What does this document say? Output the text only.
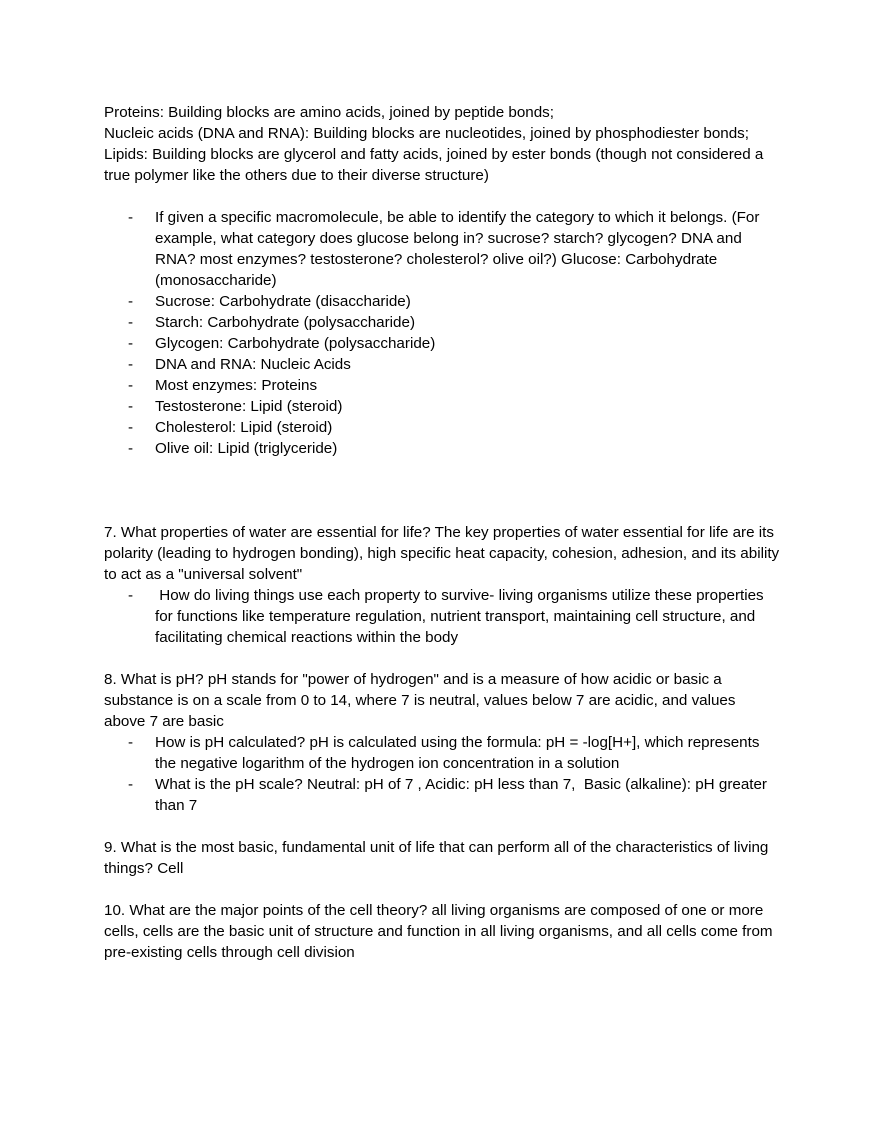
Proteins: Building blocks are amino acids, joined by peptide bonds;

Nucleic acids (DNA and RNA): Building blocks are nucleotides, joined by phosphodiester bonds;

Lipids: Building blocks are glycerol and fatty acids, joined by ester bonds (though not considered a true polymer like the others due to their diverse structure)

- If given a specific macromolecule, be able to identify the category to which it belongs. (For example, what category does glucose belong in? sucrose? starch? glycogen? DNA and RNA? most enzymes? testosterone? cholesterol? olive oil?) Glucose: Carbohydrate (monosaccharide)
- Sucrose: Carbohydrate (disaccharide)
- Starch: Carbohydrate (polysaccharide)
- Glycogen: Carbohydrate (polysaccharide)
- DNA and RNA: Nucleic Acids
- Most enzymes: Proteins
- Testosterone: Lipid (steroid)
- Cholesterol: Lipid (steroid)
- Olive oil: Lipid (triglyceride)

7. What properties of water are essential for life? The key properties of water essential for life are its polarity (leading to hydrogen bonding), high specific heat capacity, cohesion, adhesion, and its ability to act as a "universal solvent"

- How do living things use each property to survive- living organisms utilize these properties for functions like temperature regulation, nutrient transport, maintaining cell structure, and facilitating chemical reactions within the body

8. What is pH? pH stands for "power of hydrogen" and is a measure of how acidic or basic a substance is on a scale from 0 to 14, where 7 is neutral, values below 7 are acidic, and values above 7 are basic

- How is pH calculated? pH is calculated using the formula: pH = -log[H+], which represents the negative logarithm of the hydrogen ion concentration in a solution
- What is the pH scale? Neutral: pH of 7 , Acidic: pH less than 7,  Basic (alkaline): pH greater than 7

9. What is the most basic, fundamental unit of life that can perform all of the characteristics of living things? Cell

10. What are the major points of the cell theory? all living organisms are composed of one or more cells, cells are the basic unit of structure and function in all living organisms, and all cells come from pre-existing cells through cell division
